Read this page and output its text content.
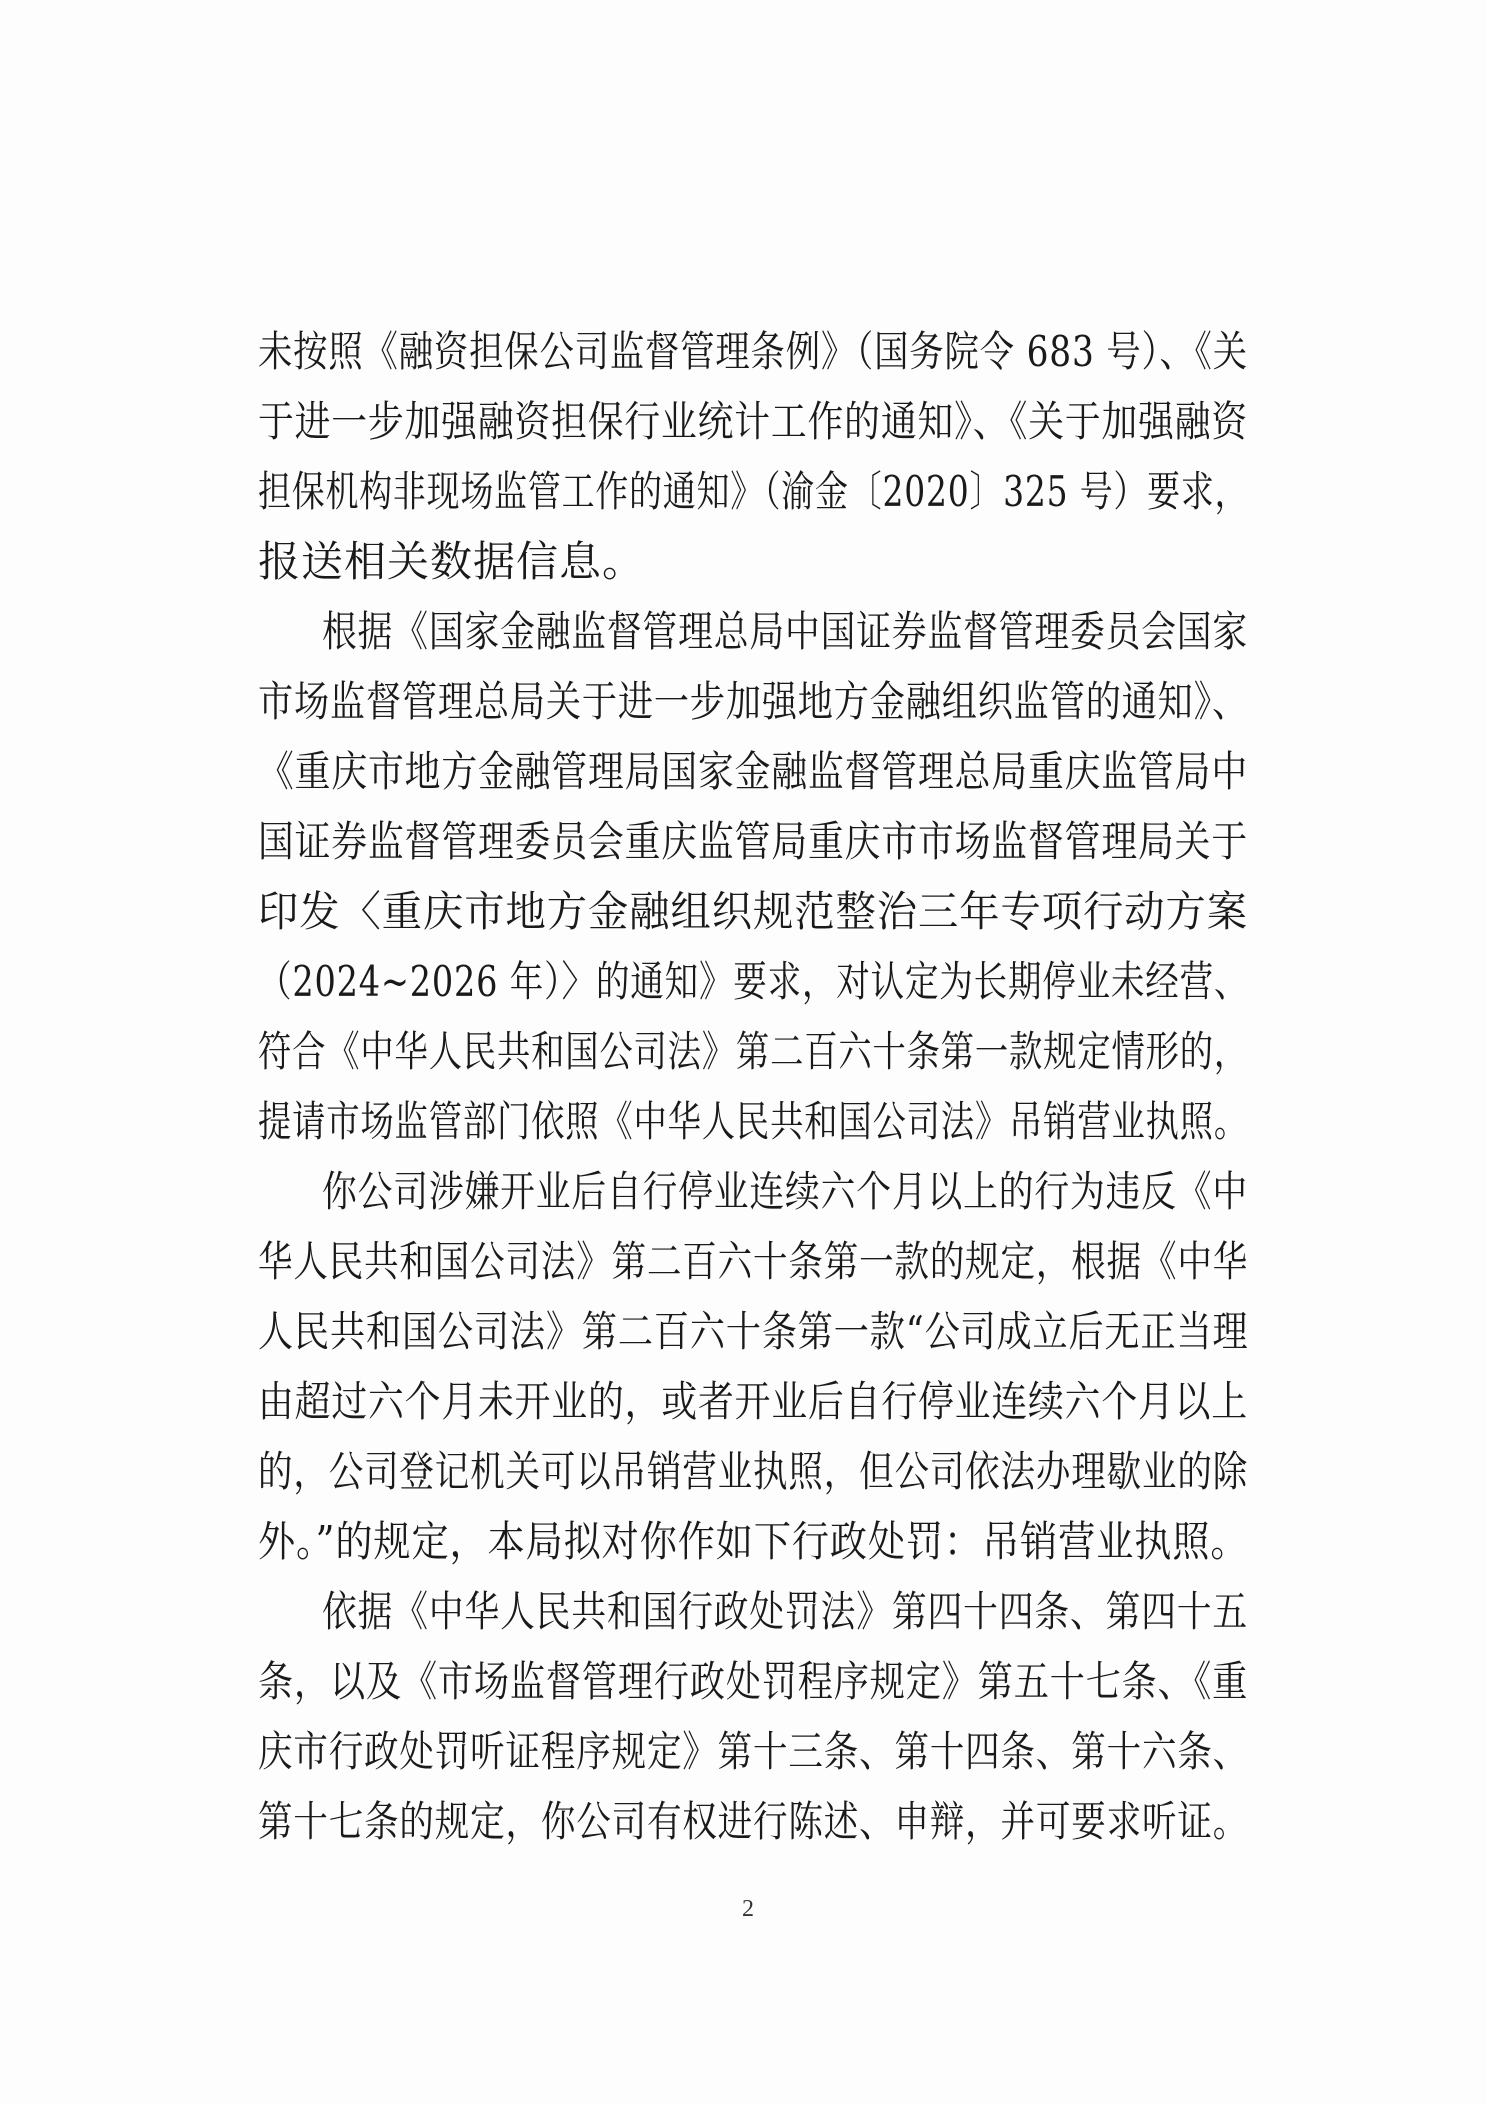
未按照《融资担保公司监督管理条例》（国务院令 683 号）、《关
于进一步加强融资担保行业统计工作的通知》、《关于加强融资
担保机构非现场监管工作的通知》（渝金〔2020〕325 号）要求，
报送相关数据信息。
根据《国家金融监督管理总局中国证券监督管理委员会国家
市场监督管理总局关于进一步加强地方金融组织监管的通知》、
《重庆市地方金融管理局国家金融监督管理总局重庆监管局中
国证券监督管理委员会重庆监管局重庆市市场监督管理局关于
印发〈重庆市地方金融组织规范整治三年专项行动方案
（2024~2026 年）〉的通知》要求，对认定为长期停业未经营、
符合《中华人民共和国公司法》第二百六十条第一款规定情形的，
提请市场监管部门依照《中华人民共和国公司法》吊销营业执照。
你公司涉嫌开业后自行停业连续六个月以上的行为违反《中
华人民共和国公司法》第二百六十条第一款的规定，根据《中华
人民共和国公司法》第二百六十条第一款“公司成立后无正当理
由超过六个月未开业的，或者开业后自行停业连续六个月以上
的，公司登记机关可以吊销营业执照，但公司依法办理歇业的除
外。”的规定，本局拟对你作如下行政处罚：吊销营业执照。
依据《中华人民共和国行政处罚法》第四十四条、第四十五
条，以及《市场监督管理行政处罚程序规定》第五十七条、《重
庆市行政处罚听证程序规定》第十三条、第十四条、第十六条、
第十七条的规定，你公司有权进行陈述、申辩，并可要求听证。
2
